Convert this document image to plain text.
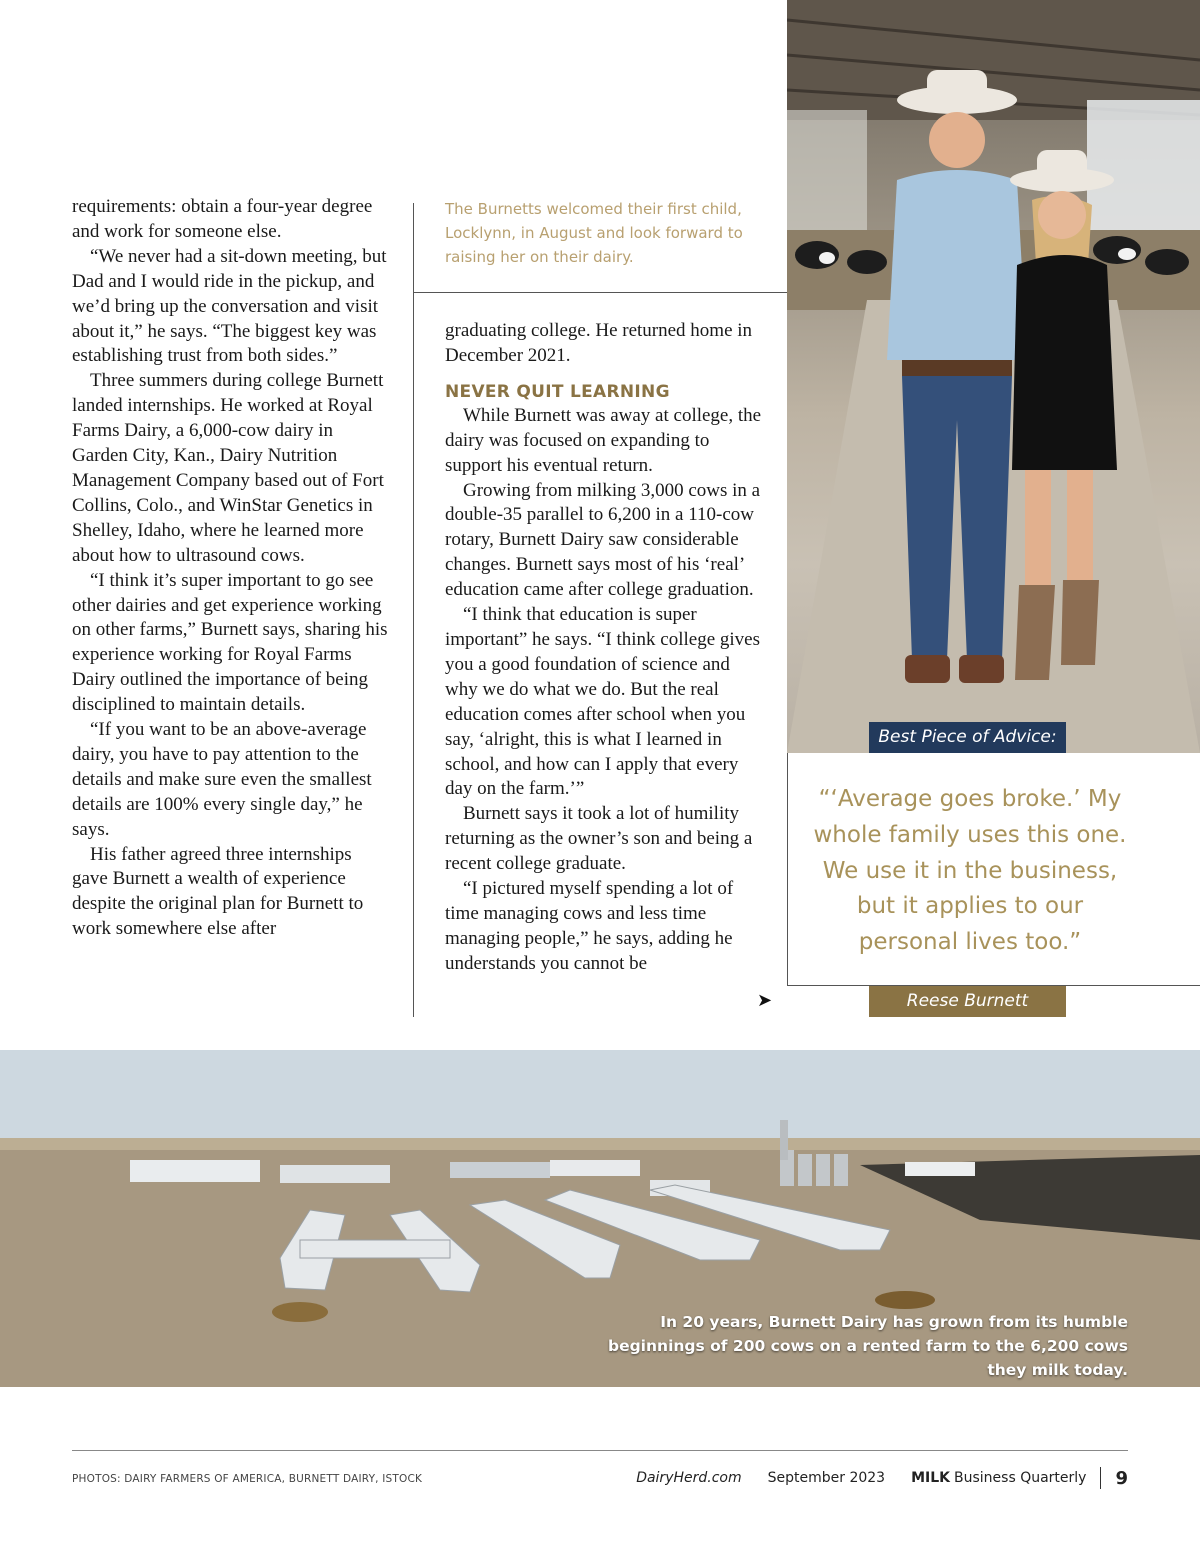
requirements: obtain a four-year degree and work for someone else.

“We never had a sit-down meeting, but Dad and I would ride in the pickup, and we’d bring up the conversation and visit about it,” he says. “The biggest key was establishing trust from both sides.”

Three summers during college Burnett landed internships. He worked at Royal Farms Dairy, a 6,000-cow dairy in Garden City, Kan., Dairy Nutrition Management Company based out of Fort Collins, Colo., and WinStar Genetics in Shelley, Idaho, where he learned more about how to ultrasound cows.

“I think it’s super important to go see other dairies and get experience working on other farms,” Burnett says, sharing his experience working for Royal Farms Dairy outlined the importance of being disciplined to maintain details.

“If you want to be an above-average dairy, you have to pay attention to the details and make sure even the smallest details are 100% every single day,” he says.

His father agreed three internships gave Burnett a wealth of experience despite the original plan for Burnett to work somewhere else after

The Burnetts welcomed their first child, Locklynn, in August and look forward to raising her on their dairy.

graduating college. He returned home in December 2021.

NEVER QUIT LEARNING

While Burnett was away at college, the dairy was focused on expanding to support his eventual return.

Growing from milking 3,000 cows in a double-35 parallel to 6,200 in a 110-cow rotary, Burnett Dairy saw considerable changes. Burnett says most of his ‘real’ education came after college graduation.

“I think that education is super important” he says. “I think college gives you a good foundation of science and why we do what we do. But the real education comes after school when you say, ‘alright, this is what I learned in school, and how can I apply that every day on the farm.’”

Burnett says it took a lot of humility returning as the owner’s son and being a recent college graduate.

“I pictured myself spending a lot of time managing cows and less time managing people,” he says, adding he understands you cannot be

➤
Best Piece of Advice:
“‘Average goes broke.’ My whole family uses this one. We use it in the business, but it applies to our personal lives too.”
Reese Burnett
In 20 years, Burnett Dairy has grown from its humble beginnings of 200 cows on a rented farm to the 6,200 cows they milk today.
PHOTOS: DAIRY FARMERS OF AMERICA, BURNETT DAIRY, ISTOCK	DairyHerd.com September 2023 MILK Business Quarterly 9
